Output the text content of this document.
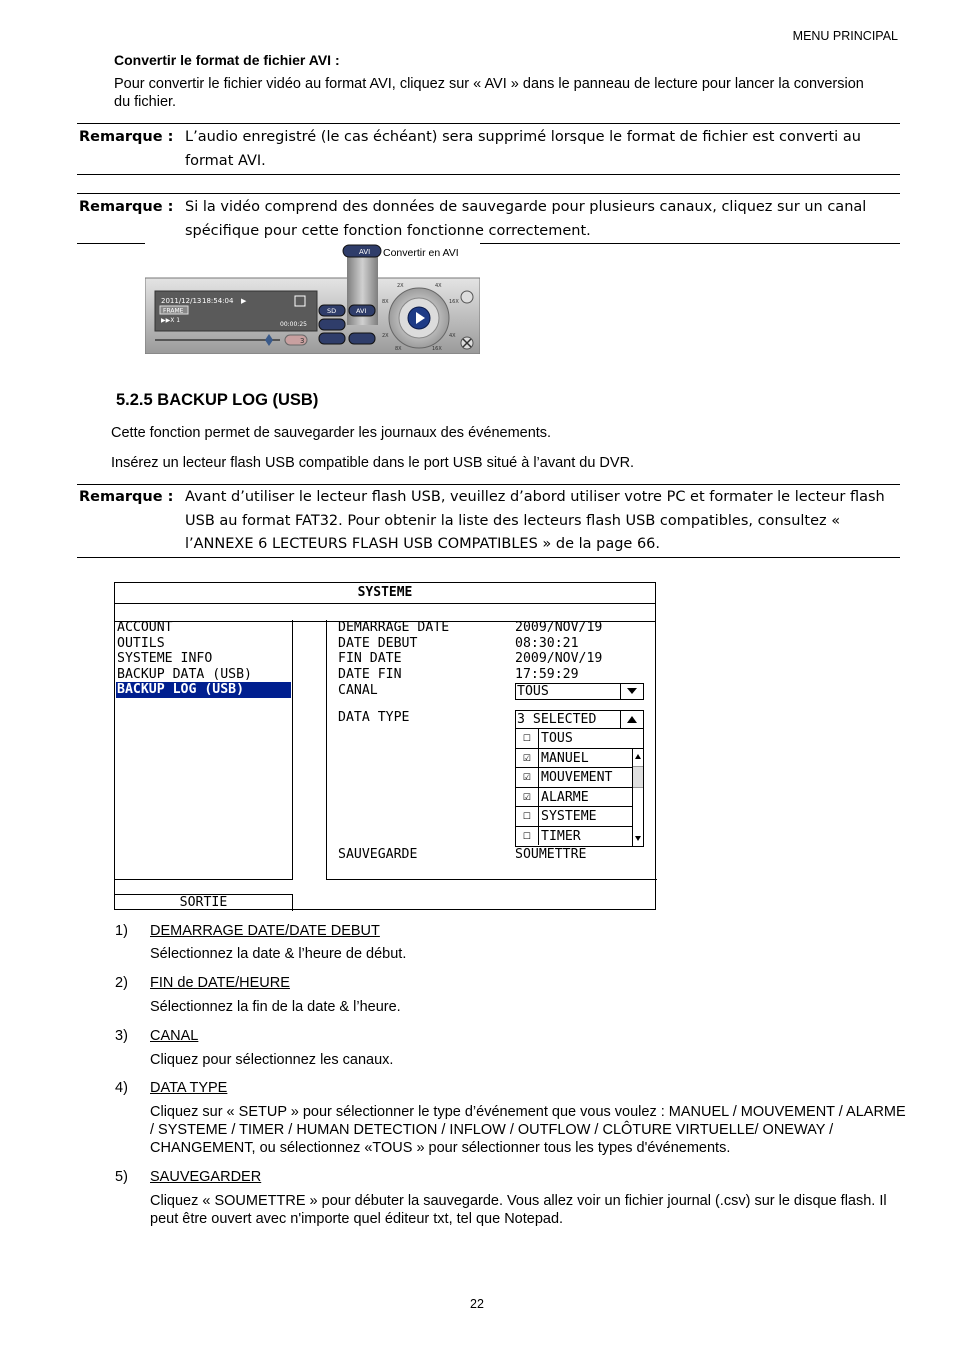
MENU PRINCIPAL
Convertir le format de fichier AVI :
Pour convertir le fichier vidéo au format AVI, cliquez sur « AVI » dans le panneau de lecture pour lancer la conversion du fichier.
Remarque : L’audio enregistré (le cas échéant) sera supprimé lorsque le format de fichier est converti au format AVI.
Remarque : Si la vidéo comprend des données de sauvegarde pour plusieurs canaux, cliquez sur un canal spécifique pour cette fonction fonctionne correctement.
2011/12/13 18:54:04 ▶
FRAME
▶▶X 1
00:00:25
3
AVI
SD	AVI
2X	4X
8X	16X
2X	4X
8X	16X
Convertir en AVI
5.2.5 BACKUP LOG (USB)
Cette fonction permet de sauvegarder les journaux des événements.
Insérez un lecteur flash USB compatible dans le port USB situé à l’avant du DVR.
Remarque : Avant d’utiliser le lecteur flash USB, veuillez d’abord utiliser votre PC et formater le lecteur flash USB au format FAT32. Pour obtenir la liste des lecteurs flash USB compatibles, consultez « l’ANNEXE 6 LECTEURS FLASH USB COMPATIBLES » de la page 66.
SYSTEME
ACCOUNT
OUTILS
SYSTEME INFO
BACKUP DATA (USB)
BACKUP LOG (USB)
DEMARRAGE DATE	2009/NOV/19
DATE DEBUT	08:30:21
FIN DATE	2009/NOV/19
DATE FIN	17:59:29
CANAL	TOUS
DATA TYPE	3 SELECTED
☐ TOUS
☑ MANUEL
☑ MOUVEMENT
☑ ALARME
☐ SYSTEME
☐ TIMER
SAUVEGARDE	SOUMETTRE
SORTIE
1) DEMARRAGE DATE/DATE DEBUT
Sélectionnez la date & l’heure de début.
2) FIN de DATE/HEURE
Sélectionnez la fin de la date & l’heure.
3) CANAL
Cliquez pour sélectionnez les canaux.
4) DATA TYPE
Cliquez sur « SETUP » pour sélectionner le type d’événement que vous voulez : MANUEL / MOUVEMENT / ALARME / SYSTEME / TIMER / HUMAN DETECTION / INFLOW / OUTFLOW / CLÔTURE VIRTUELLE/ ONEWAY / CHANGEMENT, ou sélectionnez «TOUS » pour sélectionner tous les types d'événements.
5) SAUVEGARDER
Cliquez « SOUMETTRE » pour débuter la sauvegarde. Vous allez voir un fichier journal (.csv) sur le disque flash. Il peut être ouvert avec n'importe quel éditeur txt, tel que Notepad.
22
